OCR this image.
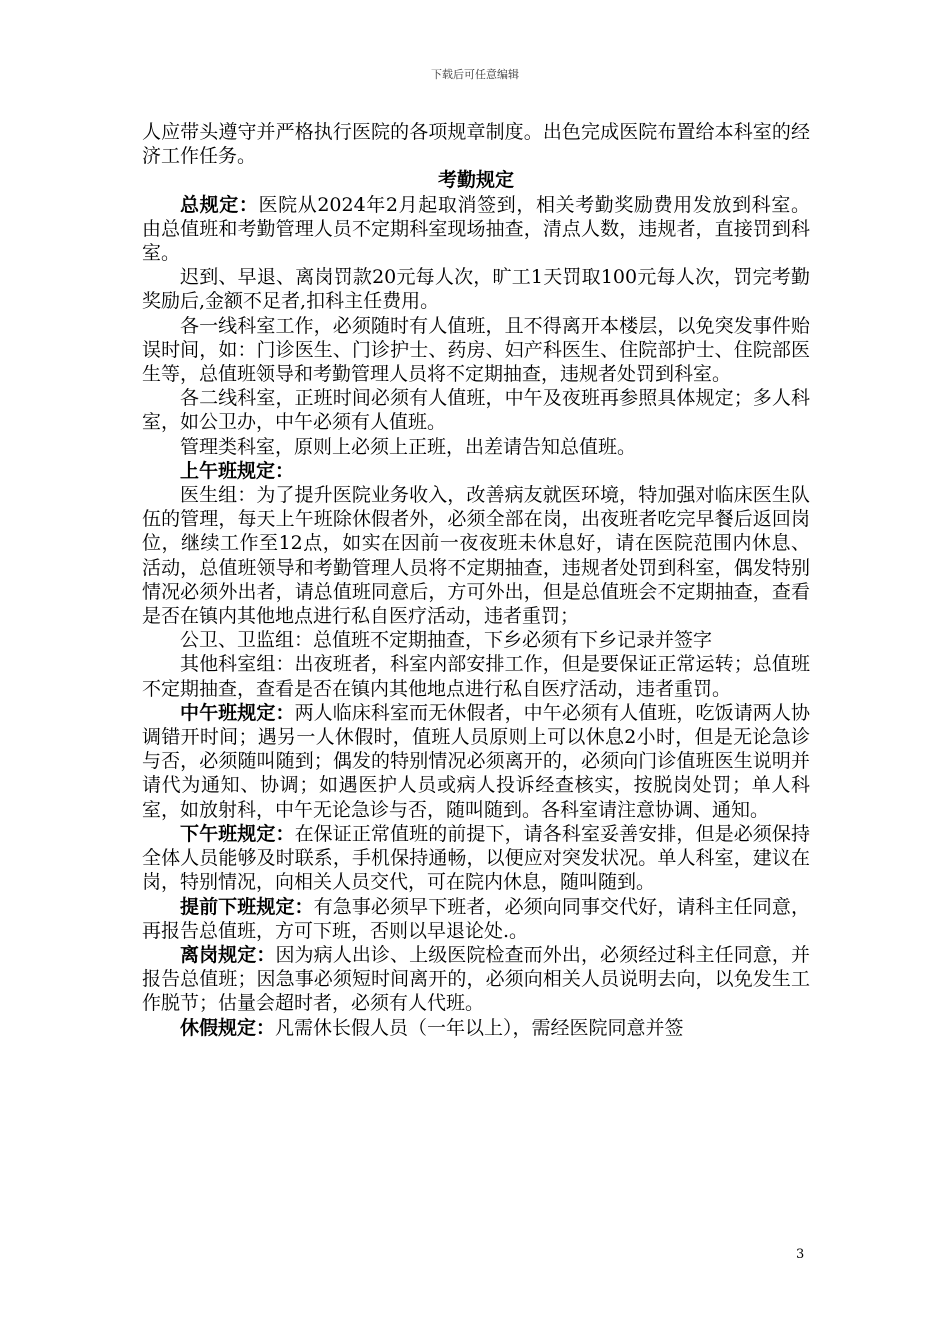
下载后可任意编辑

人应带头遵守并严格执行医院的各项规章制度。出色完成医院布置给本科室的经济工作任务。

考勤规定

总规定：医院从2024年2月起取消签到，相关考勤奖励费用发放到科室。由总值班和考勤管理人员不定期科室现场抽查，清点人数，违规者，直接罚到科室。

迟到、早退、离岗罚款20元每人次，旷工1天罚取100元每人次，罚完考勤奖励后,金额不足者,扣科主任费用。

各一线科室工作，必须随时有人值班，且不得离开本楼层，以免突发事件贻误时间，如：门诊医生、门诊护士、药房、妇产科医生、住院部护士、住院部医生等，总值班领导和考勤管理人员将不定期抽查，违规者处罚到科室。

各二线科室，正班时间必须有人值班，中午及夜班再参照具体规定；多人科室，如公卫办，中午必须有人值班。

管理类科室，原则上必须上正班，出差请告知总值班。

上午班规定：

医生组：为了提升医院业务收入，改善病友就医环境，特加强对临床医生队伍的管理，每天上午班除休假者外，必须全部在岗，出夜班者吃完早餐后返回岗位，继续工作至12点，如实在因前一夜夜班未休息好，请在医院范围内休息、活动，总值班领导和考勤管理人员将不定期抽查，违规者处罚到科室，偶发特别情况必须外出者，请总值班同意后，方可外出，但是总值班会不定期抽查，查看是否在镇内其他地点进行私自医疗活动，违者重罚；

公卫、卫监组：总值班不定期抽查，下乡必须有下乡记录并签字

其他科室组：出夜班者，科室内部安排工作，但是要保证正常运转；总值班不定期抽查，查看是否在镇内其他地点进行私自医疗活动，违者重罚。

中午班规定：两人临床科室而无休假者，中午必须有人值班，吃饭请两人协调错开时间；遇另一人休假时，值班人员原则上可以休息2小时，但是无论急诊与否，必须随叫随到；偶发的特别情况必须离开的，必须向门诊值班医生说明并请代为通知、协调；如遇医护人员或病人投诉经查核实，按脱岗处罚；单人科室，如放射科，中午无论急诊与否，随叫随到。各科室请注意协调、通知。

下午班规定：在保证正常值班的前提下，请各科室妥善安排，但是必须保持全体人员能够及时联系，手机保持通畅，以便应对突发状况。单人科室，建议在岗，特别情况，向相关人员交代，可在院内休息，随叫随到。

提前下班规定：有急事必须早下班者，必须向同事交代好，请科主任同意，再报告总值班，方可下班，否则以早退论处.。

离岗规定：因为病人出诊、上级医院检查而外出，必须经过科主任同意，并报告总值班；因急事必须短时间离开的，必须向相关人员说明去向，以免发生工作脱节；估量会超时者，必须有人代班。

休假规定：凡需休长假人员（一年以上），需经医院同意并签

3
